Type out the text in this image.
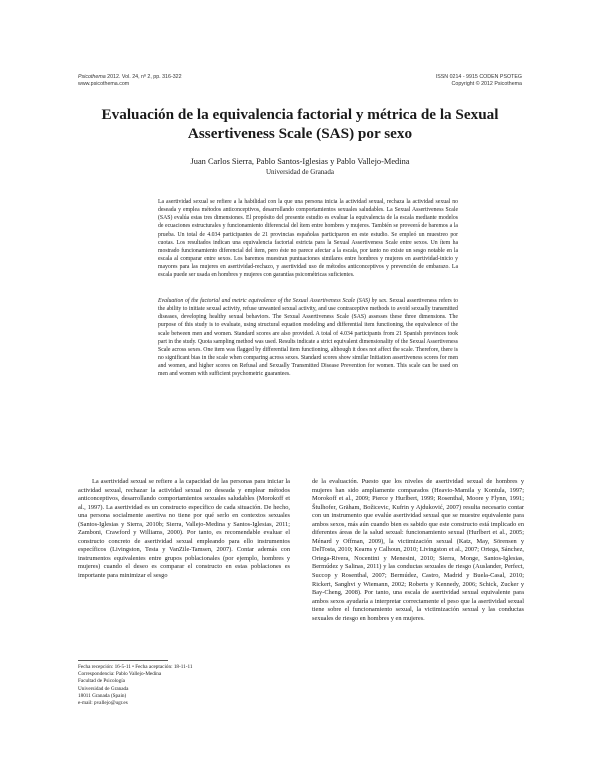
Psicothema 2012. Vol. 24, nº 2, pp. 316-322
www.psicothema.com
ISSN 0214 - 9915 CODEN PSOTEG
Copyright © 2012 Psicothema
Evaluación de la equivalencia factorial y métrica de la Sexual Assertiveness Scale (SAS) por sexo
Juan Carlos Sierra, Pablo Santos-Iglesias y Pablo Vallejo-Medina
Universidad de Granada
La asertividad sexual se refiere a la habilidad con la que una persona inicia la actividad sexual, rechaza la actividad sexual no deseada y emplea métodos anticonceptivos, desarrollando comportamientos sexuales saludables. La Sexual Assertiveness Scale (SAS) evalúa estas tres dimensiones. El propósito del presente estudio es evaluar la equivalencia de la escala mediante modelos de ecuaciones estructurales y funcionamiento diferencial del ítem entre hombres y mujeres. También se proveerá de baremos a la prueba. Un total de 4.034 participantes de 21 provincias españolas participaron en este estudio. Se empleó un muestreo por cuotas. Los resultados indican una equivalencia factorial estricta para la Sexual Assertiveness Scale entre sexos. Un ítem ha mostrado funcionamiento diferencial del ítem, pero éste no parece afectar a la escala, por tanto no existe un sesgo notable en la escala al comparar entre sexos. Los baremos muestran puntuaciones similares entre hombres y mujeres en asertividad-inicio y mayores para las mujeres en asertividad-rechazo, y asertividad uso de métodos anticonceptivos y prevención de embarazo. La escala puede ser usada en hombres y mujeres con garantías psicométricas suficientes.
Evaluation of the factorial and metric equivalence of the Sexual Assertiveness Scale (SAS) by sex. Sexual assertiveness refers to the ability to initiate sexual activity, refuse unwanted sexual activity, and use contraceptive methods to avoid sexually transmitted diseases, developing healthy sexual behaviors. The Sexual Assertiveness Scale (SAS) assesses these three dimensions. The purpose of this study is to evaluate, using structural equation modeling and differential item functioning, the equivalence of the scale between men and women. Standard scores are also provided. A total of 4.034 participants from 21 Spanish provinces took part in the study. Quota sampling method was used. Results indicate a strict equivalent dimensionality of the Sexual Assertiveness Scale across sexes. One item was flagged by differential item functioning, although it does not affect the scale. Therefore, there is no significant bias in the scale when comparing across sexes. Standard scores show similar Initiation assertiveness scores for men and women, and higher scores on Refusal and Sexually Transmitted Disease Prevention for women. This scale can be used on men and women with sufficient psychometric guarantees.
La asertividad sexual se refiere a la capacidad de las personas para iniciar la actividad sexual, rechazar la actividad sexual no deseada y emplear métodos anticonceptivos, desarrollando comportamientos sexuales saludables (Morokoff et al., 1997). La asertividad es un constructo específico de cada situación. De hecho, una persona socialmente asertiva no tiene por qué serlo en contextos sexuales (Santos-Iglesias y Sierra, 2010b; Sierra, Vallejo-Medina y Santos-Iglesias, 2011; Zamboni, Crawford y Williams, 2000). Por tanto, es recomendable evaluar el constructo concreto de asertividad sexual empleando para ello instrumentos específicos (Livingston, Testa y VanZile-Tamsen, 2007). Contar además con instrumentos equivalentes entre grupos poblacionales (por ejemplo, hombres y mujeres) cuando el deseo es comparar el constructo en estas poblaciones es importante para minimizar el sesgo
de la evaluación. Puesto que los niveles de asertividad sexual de hombres y mujeres han sido ampliamente comparados (Heavio-Mamila y Kontula, 1997; Morokoff et al., 2009; Pierce y Hurlbert, 1999; Rosenthal, Moore y Flynn, 1991; Štulhofer, Gräham, Božicevic, Kufrin y Ajduković, 2007) resulta necesario contar con un instrumento que evalúe asertividad sexual que se muestre equivalente para ambos sexos, más aún cuando bien es sabido que este constructo está implicado en diferentes áreas de la salud sexual: funcionamiento sexual (Hurlbert et al., 2005; Ménard y Offman, 2009), la victimización sexual (Katz, May, Sörensen y DelTosta, 2010; Kearns y Calhoun, 2010; Livingston et al., 2007; Ortega, Sánchez, Ortega-Rivera, Nocentini y Menesini, 2010; Sierra, Monge, Santos-Iglesias, Bermúdez y Salinas, 2011) y las conductas sexuales de riesgo (Auslander, Perfect, Succop y Rosenthal, 2007; Bermúdez, Castro, Madrid y Buela-Casal, 2010; Rickert, Sanghvi y Wiemann, 2002; Roberts y Kennedy, 2006; Schick, Zucker y Bay-Cheng, 2008). Por tanto, una escala de asertividad sexual equivalente para ambos sexos ayudaría a interpretar correctamente el peso que la asertividad sexual tiene sobre el funcionamiento sexual, la victimización sexual y las conductas sexuales de riesgo en hombres y en mujeres.
Fecha recepción: 16-5-11 • Fecha aceptación: 18-11-11
Correspondencia: Pablo Vallejo-Medina
Facultad de Psicología
Universidad de Granada
18011 Granada (Spain)
e-mail: pvallejo@ugr.es
